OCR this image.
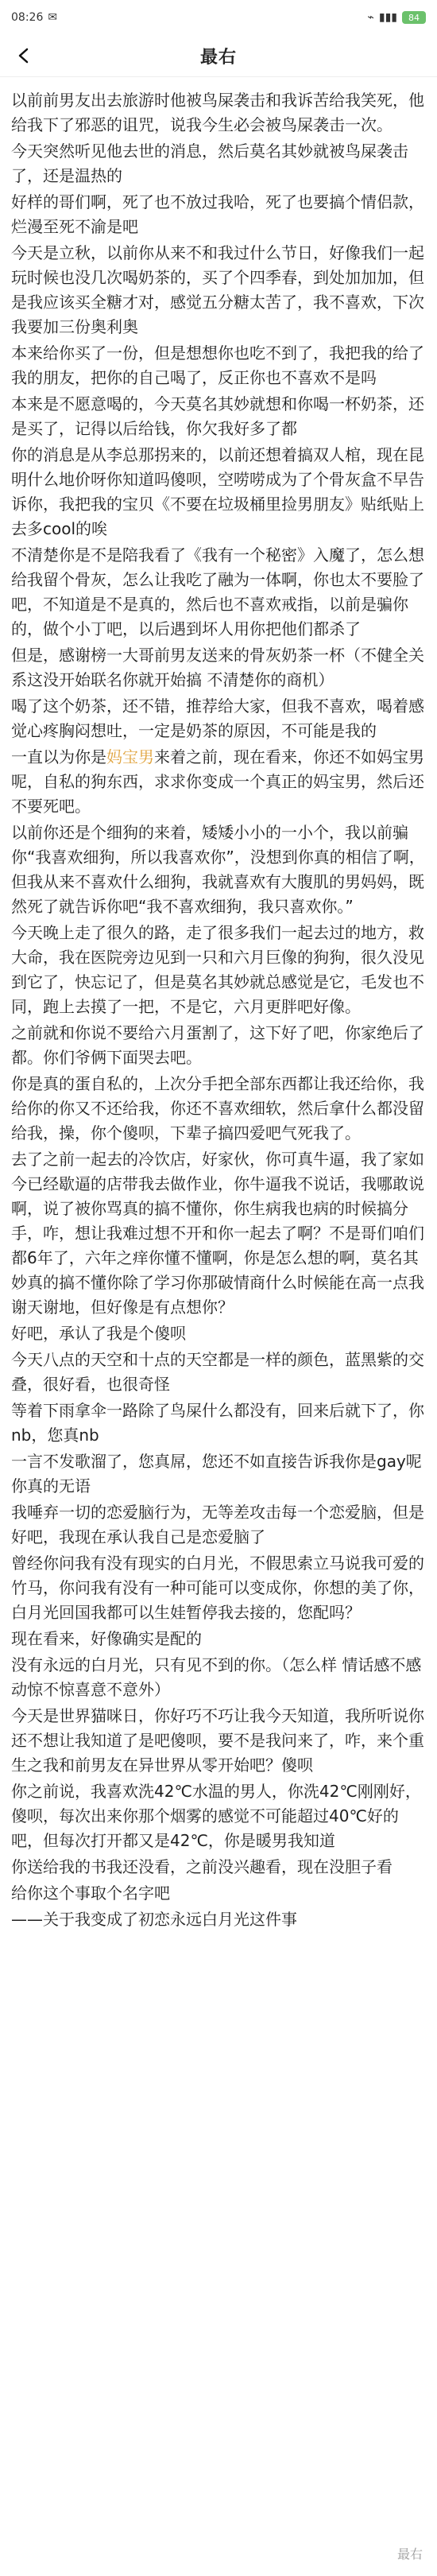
08:26 ✉	⌁ ▮▮▮	84
最右

以前前男友出去旅游时他被鸟屎袭击和我诉苦给我笑死，他给我下了邪恶的诅咒，说我今生必会被鸟屎袭击一次。

今天突然听见他去世的消息，然后莫名其妙就被鸟屎袭击了，还是温热的

好样的哥们啊，死了也不放过我哈，死了也要搞个情侣款，烂漫至死不渝是吧

今天是立秋，以前你从来不和我过什么节日，好像我们一起玩时候也没几次喝奶茶的，买了个四季春，到处加加加，但是我应该买全糖才对，感觉五分糖太苦了，我不喜欢，下次我要加三份奥利奥

本来给你买了一份，但是想想你也吃不到了，我把我的给了我的朋友，把你的自己喝了，反正你也不喜欢不是吗

本来是不愿意喝的，今天莫名其妙就想和你喝一杯奶茶，还是买了，记得以后给钱，你欠我好多了都

你的消息是从李总那拐来的，以前还想着搞双人棺，现在昆明什么地价呀你知道吗傻呗，空唠唠成为了个骨灰盒不早告诉你，我把我的宝贝《不要在垃圾桶里捡男朋友》贴纸贴上去多cool的唉

不清楚你是不是陪我看了《我有一个秘密》入魔了，怎么想给我留个骨灰，怎么让我吃了融为一体啊，你也太不要脸了吧，不知道是不是真的，然后也不喜欢戒指，以前是骗你的，做个小丁吧，以后遇到坏人用你把他们都杀了

但是，感谢榜一大哥前男友送来的骨灰奶茶一杯（不健全关系这没开始联名你就开始搞 不清楚你的商机）

喝了这个奶茶，还不错，推荐给大家，但我不喜欢，喝着感觉心疼胸闷想吐，一定是奶茶的原因，不可能是我的

一直以为你是妈宝男来着之前，现在看来，你还不如妈宝男呢，自私的狗东西，求求你变成一个真正的妈宝男，然后还不要死吧。

以前你还是个细狗的来着，矮矮小小的一小个，我以前骗你“我喜欢细狗，所以我喜欢你”，没想到你真的相信了啊，但我从来不喜欢什么细狗，我就喜欢有大腹肌的男妈妈，既然死了就告诉你吧“我不喜欢细狗，我只喜欢你。”

今天晚上走了很久的路，走了很多我们一起去过的地方，救大命，我在医院旁边见到一只和六月巨像的狗狗，很久没见到它了，快忘记了，但是莫名其妙就总感觉是它，毛发也不同，跑上去摸了一把，不是它，六月更胖吧好像。

之前就和你说不要给六月蛋割了，这下好了吧，你家绝后了都。你们爷俩下面哭去吧。

你是真的蛋自私的，上次分手把全部东西都让我还给你，我给你的你又不还给我，你还不喜欢细软，然后拿什么都没留给我，操，你个傻呗，下辈子搞四爱吧气死我了。

去了之前一起去的冷饮店，好家伙，你可真牛逼，我了家如今已经歇逼的店带我去做作业，你牛逼我不说话，我哪敢说啊，说了被你骂真的搞不懂你，你生病我也病的时候搞分手，咋，想让我难过想不开和你一起去了啊？不是哥们咱们都6年了，六年之痒你懂不懂啊，你是怎么想的啊，莫名其妙真的搞不懂你除了学习你那破情商什么时候能在高一点我谢天谢地，但好像是有点想你？

好吧，承认了我是个傻呗

今天八点的天空和十点的天空都是一样的颜色，蓝黑紫的交叠，很好看，也很奇怪

等着下雨拿伞一路除了鸟屎什么都没有，回来后就下了，你nb，您真nb

一言不发歌溜了，您真屌，您还不如直接告诉我你是gay呢你真的无语

我唾弃一切的恋爱脑行为，无等差攻击每一个恋爱脑，但是好吧，我现在承认我自己是恋爱脑了

曾经你问我有没有现实的白月光，不假思索立马说我可爱的竹马，你问我有没有一种可能可以变成你，你想的美了你，白月光回国我都可以生娃暂停我去接的，您配吗？

现在看来，好像确实是配的

没有永远的白月光，只有见不到的你。（怎么样 情话感不感动惊不惊喜意不意外）

今天是世界猫咪日，你好巧不巧让我今天知道，我所听说你还不想让我知道了是吧傻呗，要不是我问来了，咋，来个重生之我和前男友在异世界从零开始吧？傻呗

你之前说，我喜欢洗42℃水温的男人，你洗42℃刚刚好，傻呗，每次出来你那个烟雾的感觉不可能超过40℃好的吧，但每次打开都又是42℃，你是暖男我知道

你送给我的书我还没看，之前没兴趣看，现在没胆子看

给你这个事取个名字吧

——关于我变成了初恋永远白月光这件事

最右
